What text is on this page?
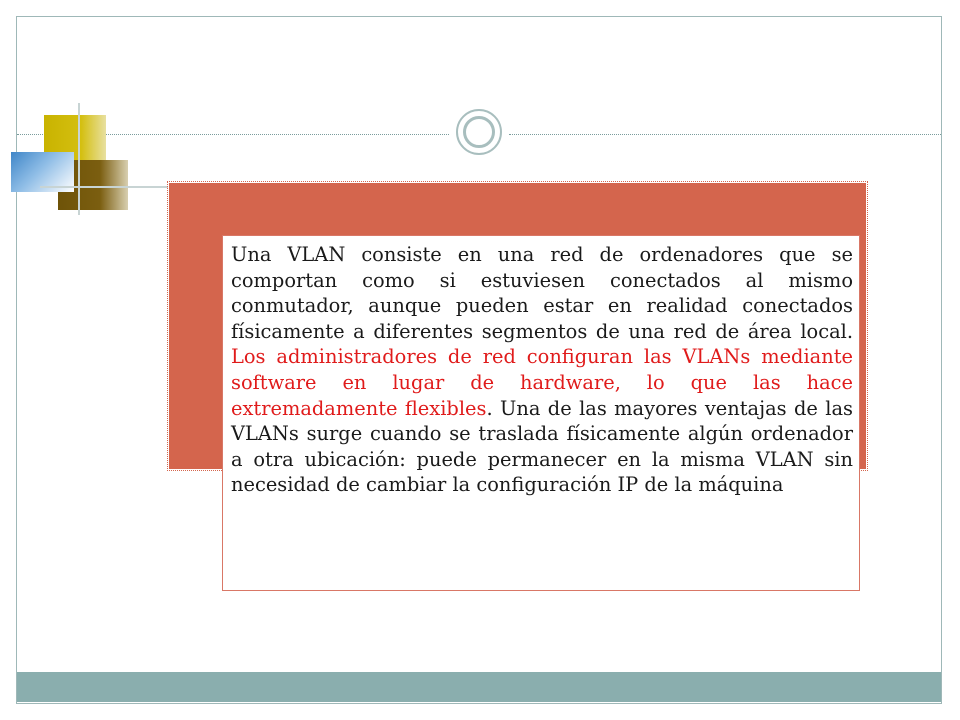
Una VLAN consiste en una red de ordenadores que se comportan como si estuviesen conectados al mismo conmutador, aunque pueden estar en realidad conectados físicamente a diferentes segmentos de una red de área local. Los administradores de red configuran las VLANs mediante software en lugar de hardware, lo que las hace extremadamente flexibles. Una de las mayores ventajas de las VLANs surge cuando se traslada físicamente algún ordenador a otra ubicación: puede permanecer en la misma VLAN sin necesidad de cambiar la configuración IP de la máquina
